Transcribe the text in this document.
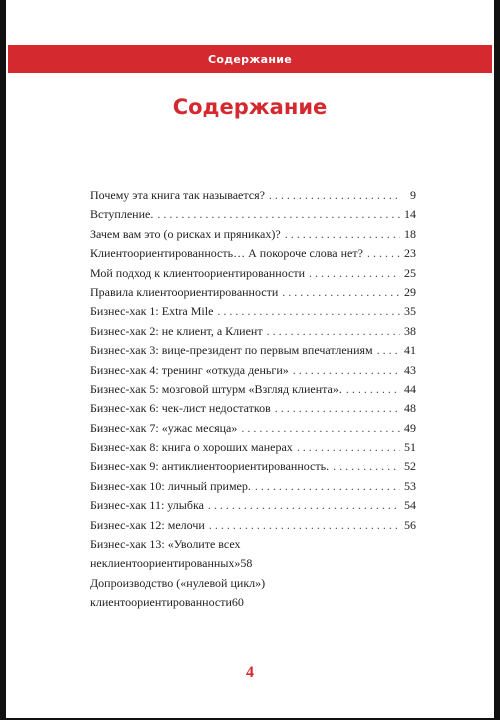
Содержание
Содержание
Почему эта книга так называется? . . .	9
Вступление. . . .	14
Зачем вам это (о рисках и пряниках)? . . .	18
Клиентоориентированность… А покороче слова нет? . . .	23
Мой подход к клиентоориентированности . . .	25
Правила клиентоориентированности . . .	29
Бизнес-хак 1: Extra Mile . . .	35
Бизнес-хак 2: не клиент, а Клиент . . .	38
Бизнес-хак 3: вице-президент по первым впечатлениям . . .	41
Бизнес-хак 4: тренинг «откуда деньги» . . .	43
Бизнес-хак 5: мозговой штурм «Взгляд клиента». . . .	44
Бизнес-хак 6: чек-лист недостатков . . .	48
Бизнес-хак 7: «ужас месяца» . . .	49
Бизнес-хак 8: книга о хороших манерах . . .	51
Бизнес-хак 9: антиклиентоориентированность. . . .	52
Бизнес-хак 10: личный пример. . . .	53
Бизнес-хак 11: улыбка . . .	54
Бизнес-хак 12: мелочи . . .	56
Бизнес-хак 13: «Уволите всех
неклиентоориентированных» 58
Допроизводство («нулевой цикл»)
клиентоориентированности 60
4
